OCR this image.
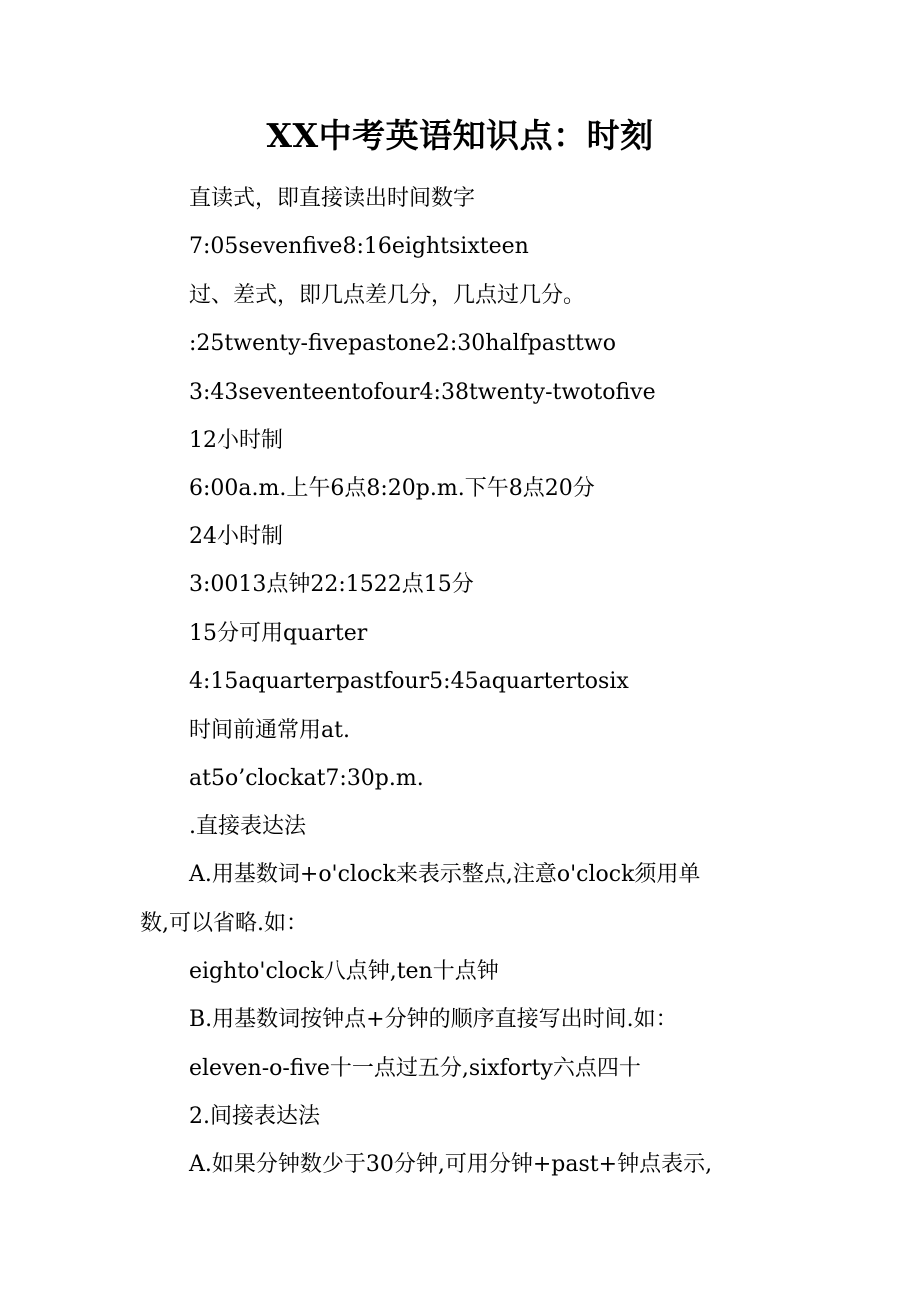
XX中考英语知识点：时刻
直读式，即直接读出时间数字
7:05sevenfive8:16eightsixteen
过、差式，即几点差几分，几点过几分。
:25twenty-fivepastone2:30halfpasttwo
3:43seventeentofour4:38twenty-twotofive
12小时制
6:00a.m.上午6点8:20p.m.下午8点20分
24小时制
3:0013点钟22:1522点15分
15分可用quarter
4:15aquarterpastfour5:45aquartertosix
时间前通常用at.
at5o’clockat7:30p.m.
.直接表达法
A.用基数词+o'clock来表示整点,注意o'clock须用单
数,可以省略.如：
eighto'clock八点钟,ten十点钟
B.用基数词按钟点+分钟的顺序直接写出时间.如：
eleven-o-five十一点过五分,sixforty六点四十
2.间接表达法
A.如果分钟数少于30分钟,可用分钟+past+钟点表示,
